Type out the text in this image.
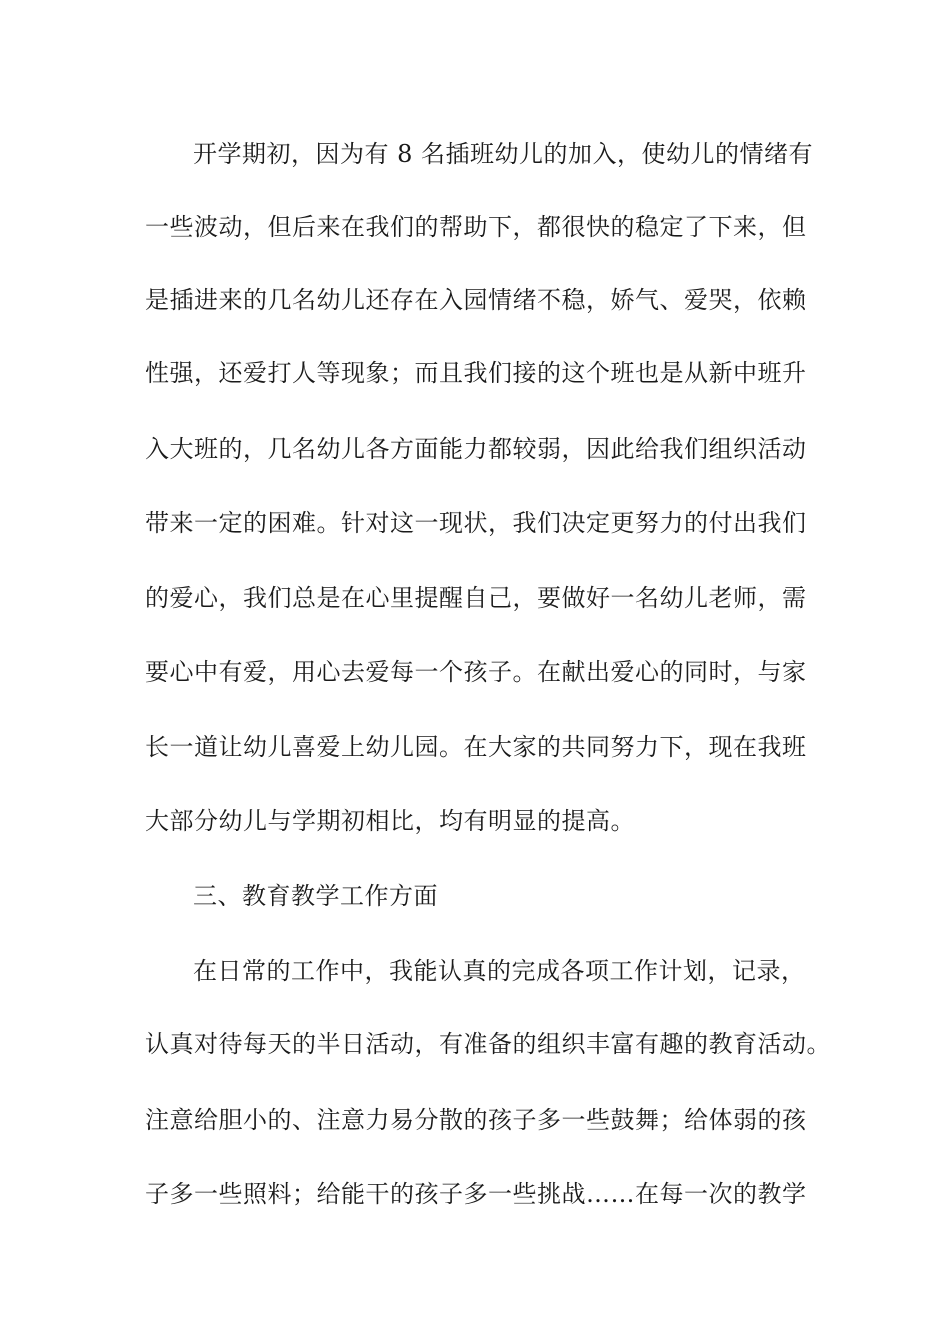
开学期初，因为有 8 名插班幼儿的加入，使幼儿的情绪有
一些波动，但后来在我们的帮助下，都很快的稳定了下来，但
是插进来的几名幼儿还存在入园情绪不稳，娇气、爱哭，依赖
性强，还爱打人等现象；而且我们接的这个班也是从新中班升
入大班的，几名幼儿各方面能力都较弱，因此给我们组织活动
带来一定的困难。针对这一现状，我们决定更努力的付出我们
的爱心，我们总是在心里提醒自己，要做好一名幼儿老师，需
要心中有爱，用心去爱每一个孩子。在献出爱心的同时，与家
长一道让幼儿喜爱上幼儿园。在大家的共同努力下，现在我班
大部分幼儿与学期初相比，均有明显的提高。
三、教育教学工作方面
在日常的工作中，我能认真的完成各项工作计划，记录，
认真对待每天的半日活动，有准备的组织丰富有趣的教育活动。
注意给胆小的、注意力易分散的孩子多一些鼓舞；给体弱的孩
子多一些照料；给能干的孩子多一些挑战……在每一次的教学
